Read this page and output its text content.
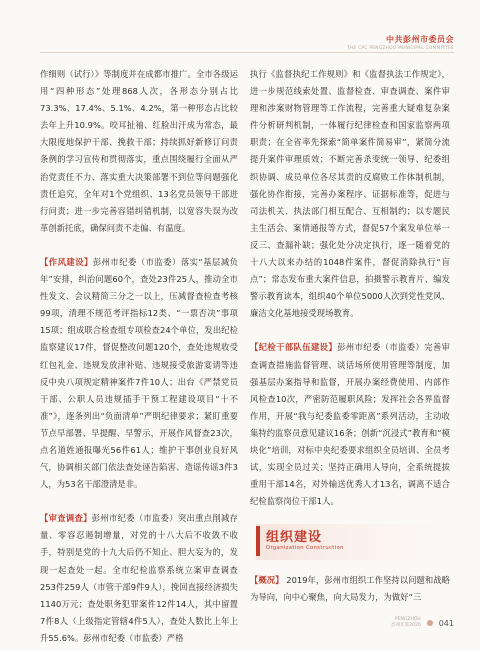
中共彭州市委员会
THE CPC PENGZHOU MUNICIPAL COMMITTEE

作细则（试行）》等制度并在成都市推广。全市各级运用“四种形态”处理868人次，各形态分别占比73.3%、17.4%、5.1%、4.2%，第一种形态占比较去年上升10.9%。咬耳扯袖、红脸出汗成为常态，最大限度地保护干部、挽救干部；持续抓好新修订问责条例的学习宣传和贯彻落实，重点围绕履行全面从严治党责任不力、落实重大决策部署不到位等问题强化责任追究，全年对1个党组织、13名党员领导干部进行问责；进一步完善容错纠错机制，以宽容失误为改革创新托底，确保问责不走偏、有温度。

【作风建设】彭州市纪委（市监委）落实“基层减负年”安排，纠治问题60个，查处23件25人，推动全市性发文、会议精简三分之一以上，压减督查检查考核99项，清理不规范考评指标12类、“一票否决”事项15项；组成联合检查组专项检查24个单位，发出纪检监察建议17件，督促整改问题120个，查处违规收受红包礼金、违规发放津补贴、违规接受旅游宴请等违反中央八项规定精神案件7件10人；出台《严禁党员干部、公职人员违规插手干预工程建设项目“十不准”》，逐条列出“负面清单”严明纪律要求；紧盯重要节点早部署、早提醒、早警示，开展作风督查23次，点名道姓通报曝光56件61人；维护干事创业良好风气，协调相关部门依法查处诬告陷害、造谣传谣3件3人，为53名干部澄清是非。

【审查调查】彭州市纪委（市监委）突出重点削减存量、零容忍遏制增量，对党的十八大后不收敛不收手，特别是党的十九大后仍不知止、胆大妄为的，发现一起查处一起。全市纪检监察系统立案审查调查253件259人（市管干部9件9人），挽回直接经济损失1140万元；查处职务犯罪案件12件14人，其中留置7件8人（上级指定管辖4件5人），查处人数比上年上升55.6%。彭州市纪委（市监委）严格

执行《监督执纪工作规则》和《监督执法工作规定》，进一步规范线索处置、监督检查、审查调查、案件审理和涉案财物管理等工作流程，完善重大疑难复杂案件分析研判机制，一体履行纪律检查和国家监察两项职责；在全省率先探索“简单案件简易审”，紧简分流提升案件审理质效；不断完善杀变统一领导、纪委组织协调、成员单位各尽其责的反腐败工作体制机制，强化协作衔接，完善办案程序、证据标准等，促进与司法机关、执法部门相互配合、互相制约；以专题民主生活会、案情通报等方式，督促57个案发单位举一反三、查漏补缺；强化处分决定执行，逐一随着党的十八大以来办结的1048件案件，督促消除执行“盲点”；常态发布重大案件信息，拍摄警示教育片、编发警示教育读本，组织40个单位5000人次到党性党风、廉洁文化基地接受现场教育。

【纪检干部队伍建设】彭州市纪委（市监委）完善审查调查措施监督管理、谈话场所使用管理等制度，加强基层办案指导和监督，开展办案经费使用、内部作风检查10次，严密防范履职风险；发挥社会各界监督作用，开展“我与纪委监委零距离”系列活动，主动收集特约监察员意见建议16条；创新“沉浸式”教育和“模块化”培训，对标中央纪委要求组织全员培训、全员考试，实现全员过关；坚持正确用人导向，全系统提拔重用干部14名，对外输送优秀人才13名，调离不适合纪检监察岗位干部1人。

组织建设
Organization Construction

【概况】 2019年，彭州市组织工作坚持以问题和战略为导向，向中心聚焦，向大局发力，为做好“三

PENGZHOU
彭州年鉴2020 041
